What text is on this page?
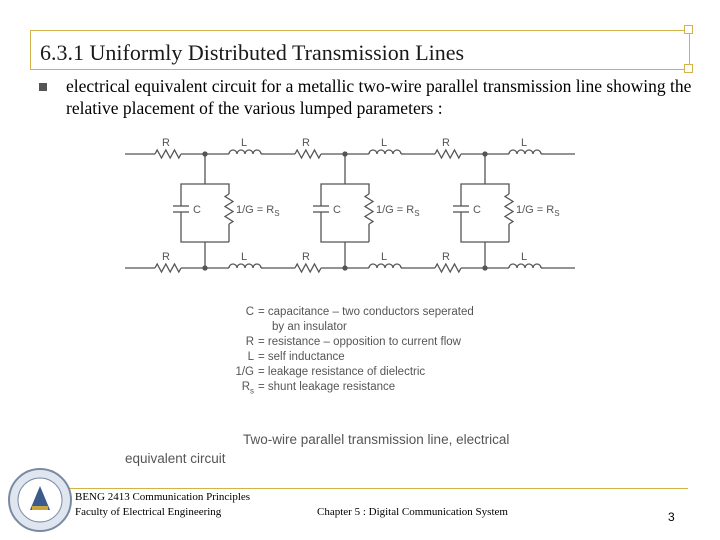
6.3.1 Uniformly Distributed Transmission Lines
electrical equivalent circuit for a metallic two-wire parallel transmission line showing the relative placement of the various lumped parameters :
R	L	R	L	R	L
R	L	R	L	R	L
C	$1/G = R_S$	C	$1/G = R_S$	C	$1/G = R_S$
C = capacitance – two conductors seperated
by an insulator
R = resistance – opposition to current flow
L = self inductance
1/G = leakage resistance of dielectric
$R_s$ = shunt leakage resistance
Two-wire parallel transmission line, electrical
equivalent circuit
BENG 2413 Communication Principles
Faculty of Electrical Engineering	Chapter 5 : Digital Communication System	3
